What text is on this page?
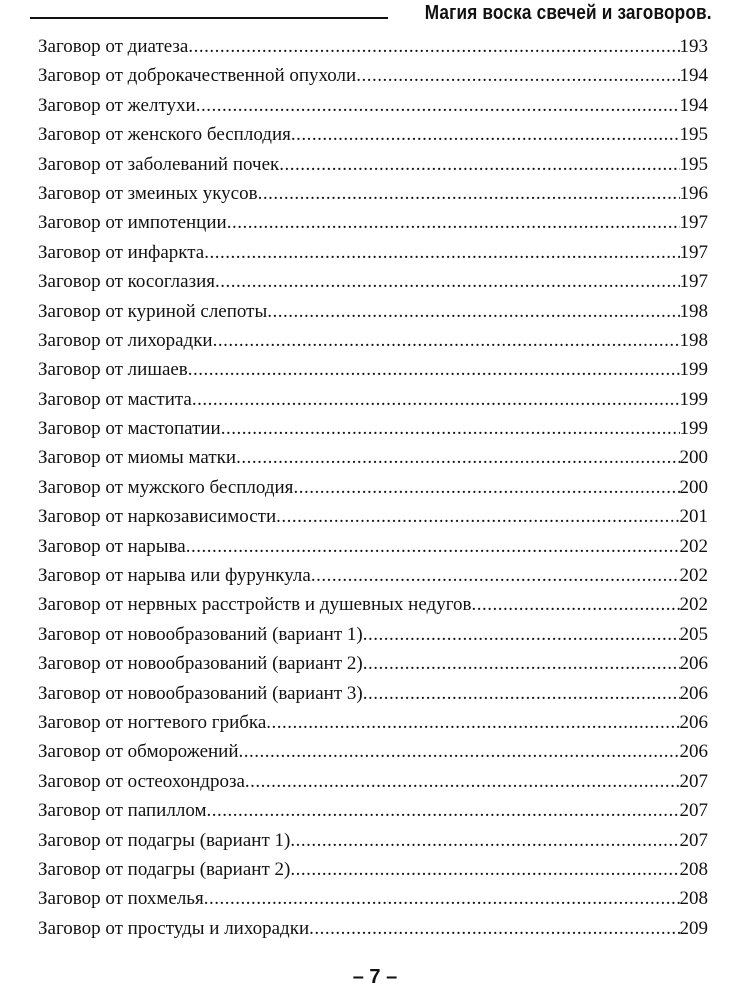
Магия воска свечей и заговоров.
Заговор от диатеза .....	193
Заговор от доброкачественной опухоли .....	194
Заговор от желтухи .....	194
Заговор от женского бесплодия .....	195
Заговор от заболеваний почек .....	195
Заговор от змеиных укусов .....	196
Заговор от импотенции .....	197
Заговор от инфаркта .....	197
Заговор от косоглазия .....	197
Заговор от куриной слепоты .....	198
Заговор от лихорадки .....	198
Заговор от лишаев .....	199
Заговор от мастита .....	199
Заговор от мастопатии .....	199
Заговор от миомы матки .....	200
Заговор от мужского бесплодия .....	200
Заговор от наркозависимости .....	201
Заговор от нарыва .....	202
Заговор от нарыва или фурункула .....	202
Заговор от нервных расстройств и душевных недугов .....	202
Заговор от новообразований (вариант 1) .....	205
Заговор от новообразований (вариант 2) .....	206
Заговор от новообразований (вариант 3) .....	206
Заговор от ногтевого грибка .....	206
Заговор от обморожений .....	206
Заговор от остеохондроза .....	207
Заговор от папиллом .....	207
Заговор от подагры (вариант 1) .....	207
Заговор от подагры (вариант 2) .....	208
Заговор от похмелья .....	208
Заговор от простуды и лихорадки .....	209
– 7 –
